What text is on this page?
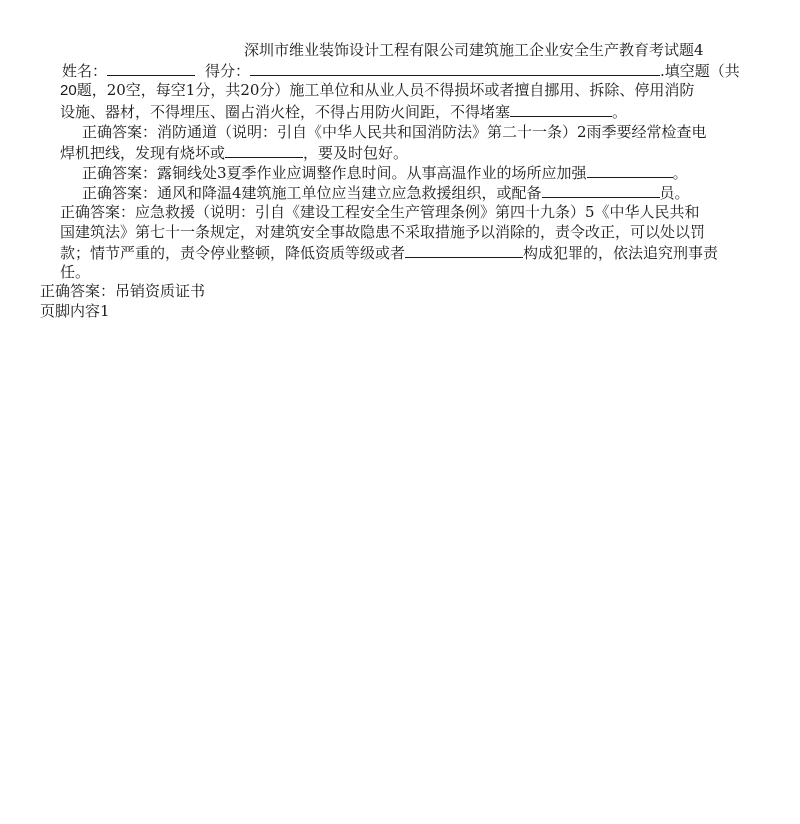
深圳市维业装饰设计工程有限公司建筑施工企业安全生产教育考试题4
姓名：	得分：	.填空题（共
20题，20空，每空1分，共20分）施工单位和从业人员不得损坏或者擅自挪用、拆除、停用消防
设施、器材，不得埋压、圈占消火栓，不得占用防火间距，不得堵塞	。
正确答案：消防通道（说明：引自《中华人民共和国消防法》第二十一条）2雨季要经常检查电
焊机把线，发现有烧坏或	，要及时包好。
正确答案：露铜线处3夏季作业应调整作息时间。从事高温作业的场所应加强	。
正确答案：通风和降温4建筑施工单位应当建立应急救援组织，或配备	员。
正确答案：应急救援（说明：引自《建设工程安全生产管理条例》第四十九条）5《中华人民共和
国建筑法》第七十一条规定，对建筑安全事故隐患不采取措施予以消除的，责令改正，可以处以罚
款；情节严重的，责令停业整顿，降低资质等级或者	构成犯罪的，依法追究刑事责
任。
正确答案：吊销资质证书
页脚内容1
